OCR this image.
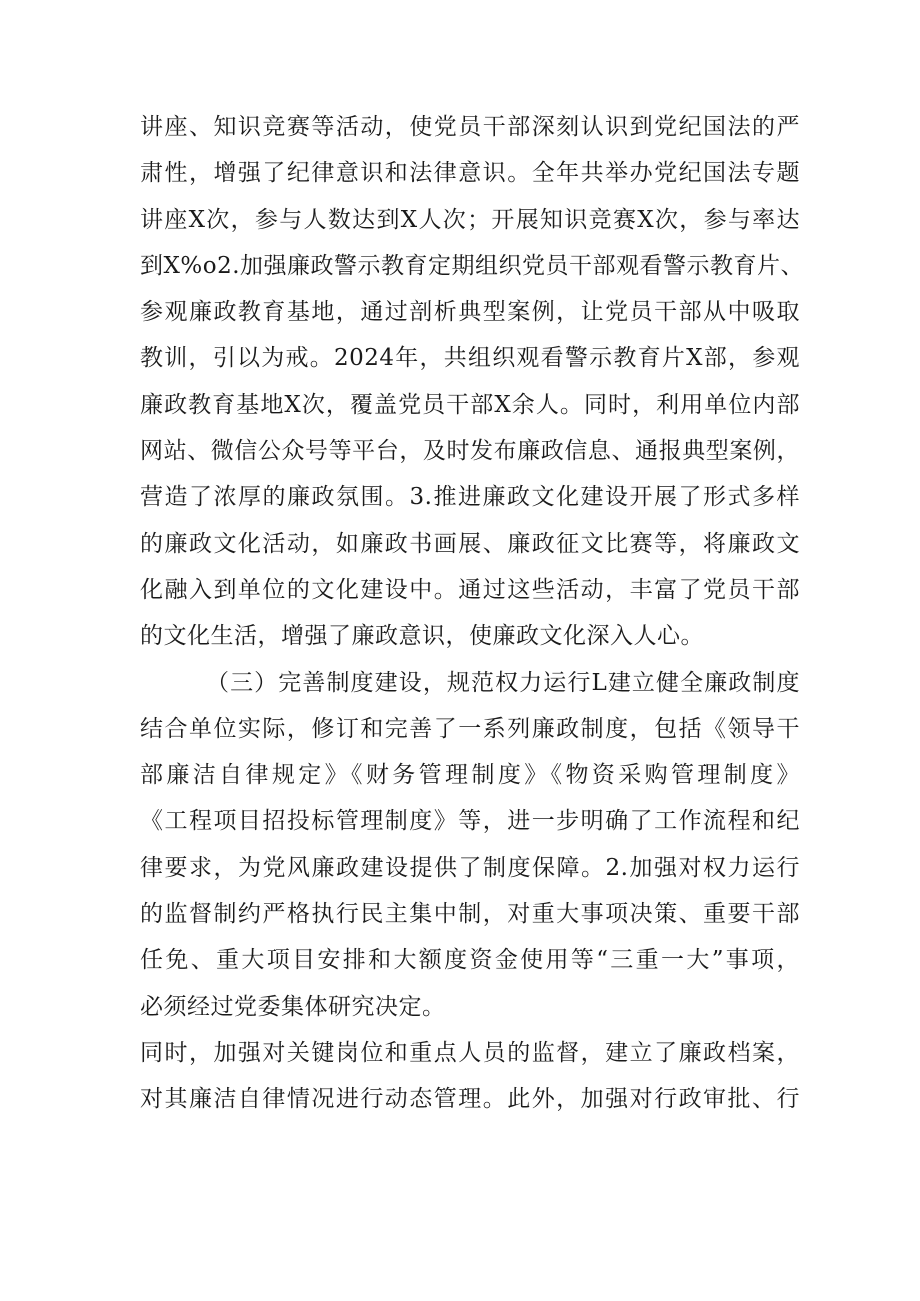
讲座、知识竞赛等活动，使党员干部深刻认识到党纪国法的严
肃性，增强了纪律意识和法律意识。全年共举办党纪国法专题
讲座X次，参与人数达到X人次；开展知识竞赛X次，参与率达
到X%o2.加强廉政警示教育定期组织党员干部观看警示教育片、
参观廉政教育基地，通过剖析典型案例，让党员干部从中吸取
教训，引以为戒。2024年，共组织观看警示教育片X部，参观
廉政教育基地X次，覆盖党员干部X余人。同时，利用单位内部
网站、微信公众号等平台，及时发布廉政信息、通报典型案例，
营造了浓厚的廉政氛围。3.推进廉政文化建设开展了形式多样
的廉政文化活动，如廉政书画展、廉政征文比赛等，将廉政文
化融入到单位的文化建设中。通过这些活动，丰富了党员干部
的文化生活，增强了廉政意识，使廉政文化深入人心。
（三）完善制度建设，规范权力运行L建立健全廉政制度
结合单位实际，修订和完善了一系列廉政制度，包括《领导干
部廉洁自律规定》《财务管理制度》《物资采购管理制度》
《工程项目招投标管理制度》等，进一步明确了工作流程和纪
律要求，为党风廉政建设提供了制度保障。2.加强对权力运行
的监督制约严格执行民主集中制，对重大事项决策、重要干部
任免、重大项目安排和大额度资金使用等“三重一大”事项，
必须经过党委集体研究决定。
同时，加强对关键岗位和重点人员的监督，建立了廉政档案，
对其廉洁自律情况进行动态管理。此外，加强对行政审批、行
